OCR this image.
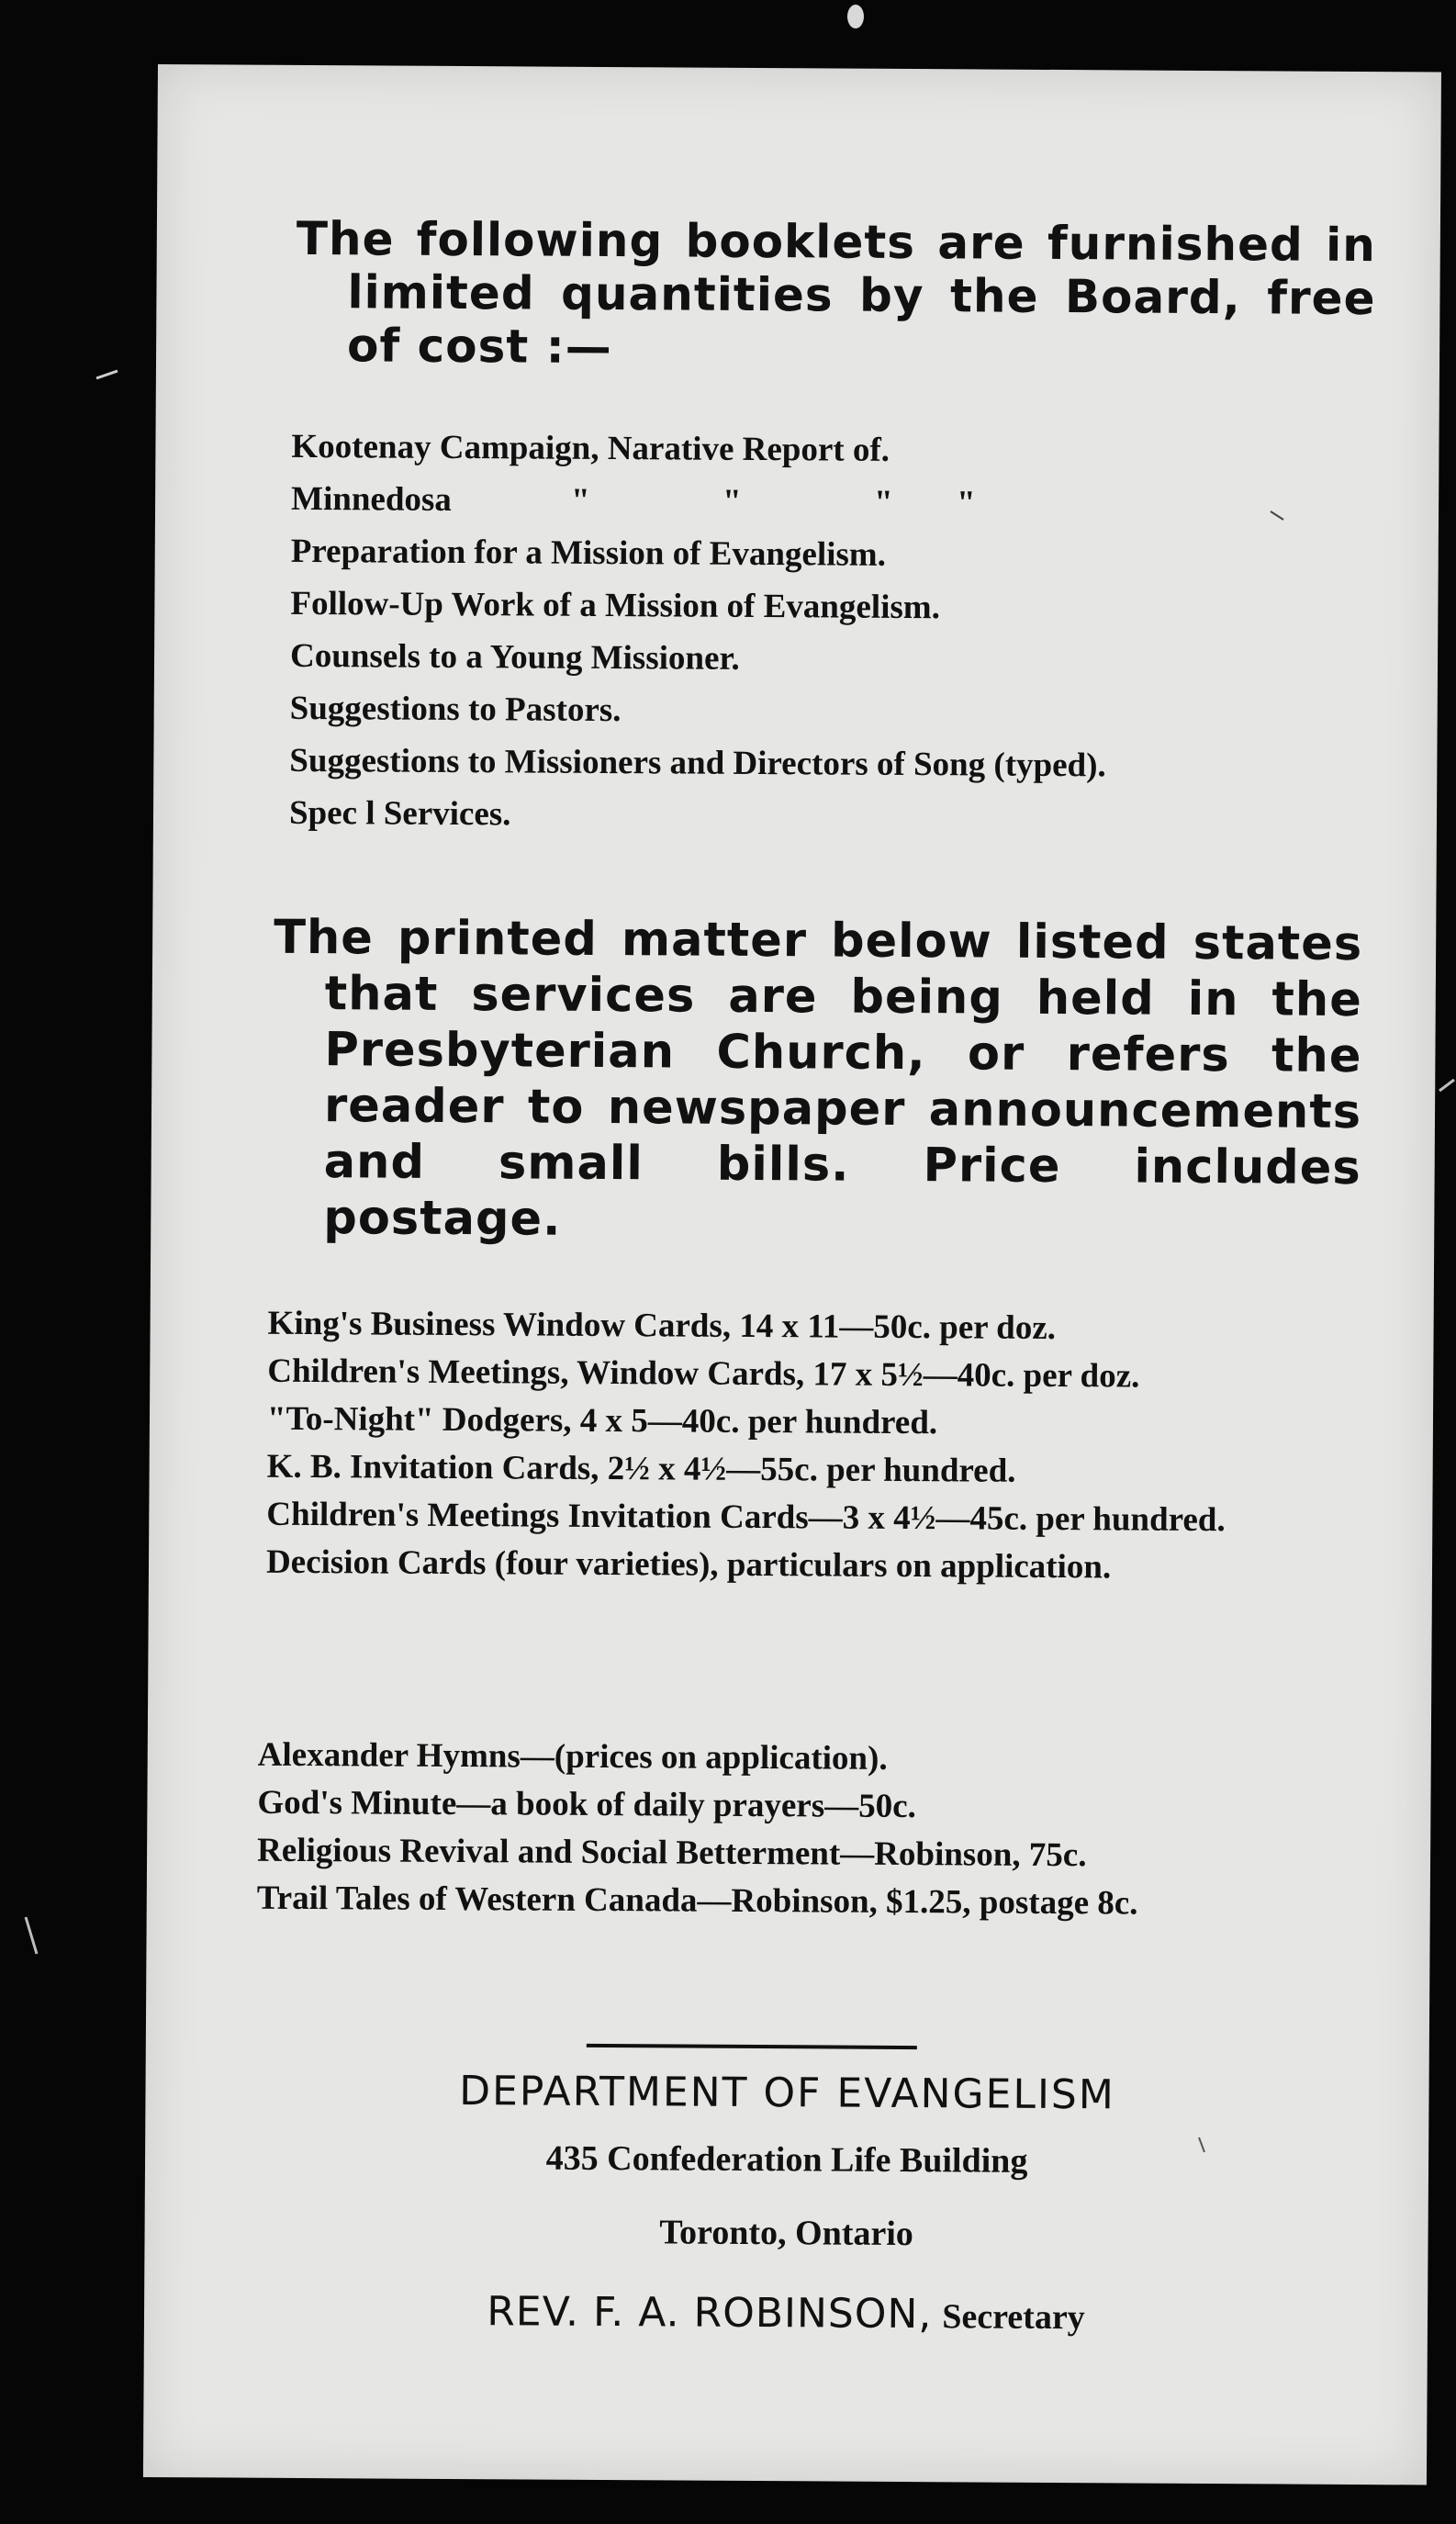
The following booklets are furnished in limited quantities by the Board, free of cost :—

Kootenay Campaign, Narative Report of.
Minnedosa	"	"	"	"
Preparation for a Mission of Evangelism.
Follow-Up Work of a Mission of Evangelism.
Counsels to a Young Missioner.
Suggestions to Pastors.
Suggestions to Missioners and Directors of Song (typed).
Spec l Services.

The printed matter below listed states that services are being held in the Presbyterian Church, or refers the reader to newspaper announcements and small bills. Price includes postage.

King's Business Window Cards, 14 x 11—50c. per doz.
Children's Meetings, Window Cards, 17 x 5½—40c. per doz.
"To-Night" Dodgers, 4 x 5—40c. per hundred.
K. B. Invitation Cards, 2½ x 4½—55c. per hundred.
Children's Meetings Invitation Cards—3 x 4½—45c. per hundred.
Decision Cards (four varieties), particulars on application.
Alexander Hymns—(prices on application).
God's Minute—a book of daily prayers—50c.
Religious Revival and Social Betterment—Robinson, 75c.
Trail Tales of Western Canada—Robinson, $1.25, postage 8c.

DEPARTMENT OF EVANGELISM

435 Confederation Life Building

Toronto, Ontario

REV. F. A. ROBINSON, Secretary
